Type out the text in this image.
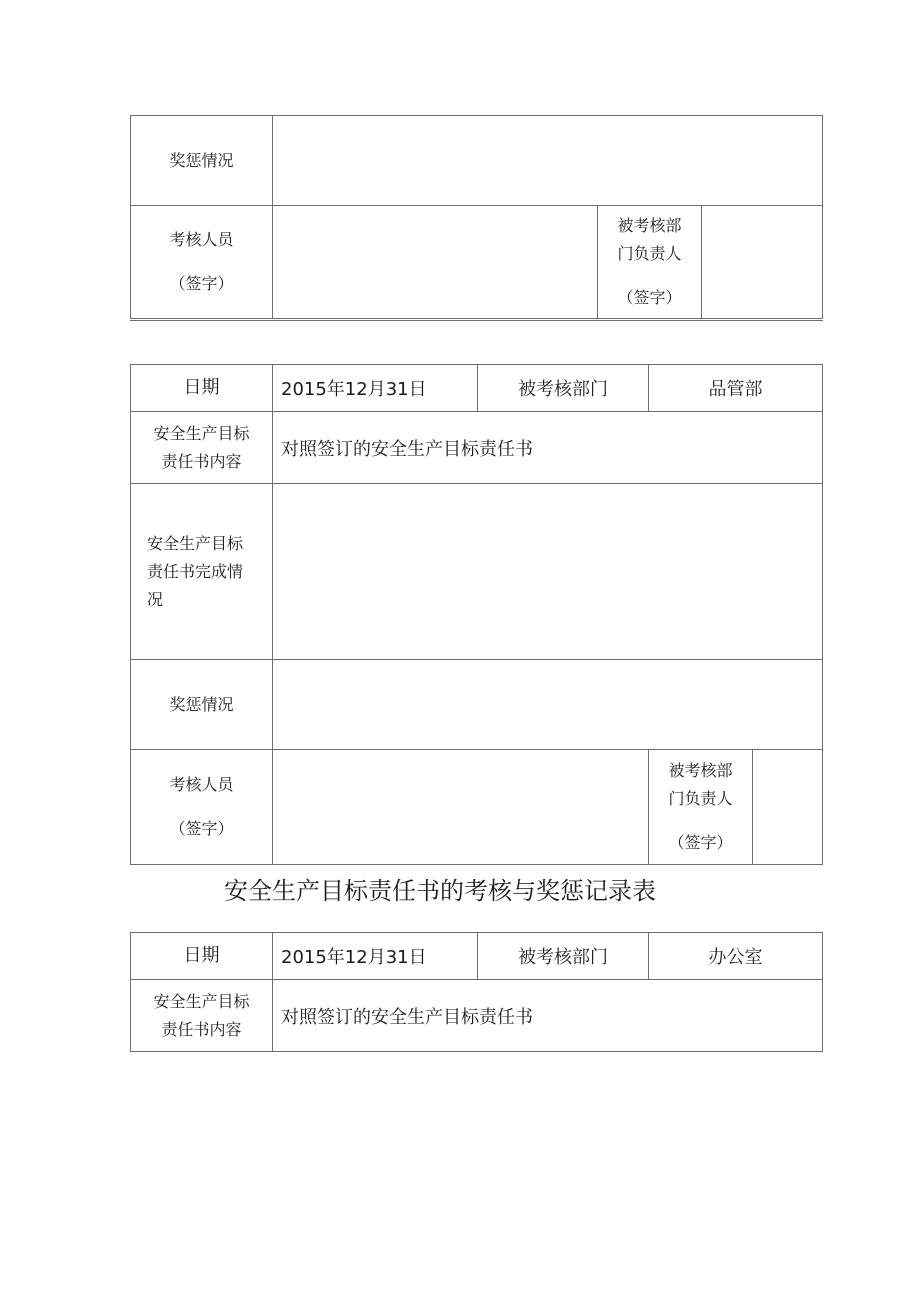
奖惩情况			

考核人员
（签字）		被考核部
门负责人
（签字）	

日期	2015年12月31日	被考核部门	品管部	

安全生产目标
责任书内容	对照签订的安全生产目标责任书			

安全生产目标
责任书完成情
况				

奖惩情况				

考核人员
（签字）			被考核部
门负责人
（签字）	

安全生产目标责任书的考核与奖惩记录表
日期	2015年12月31日	被考核部门	办公室

安全生产目标
责任书内容	对照签订的安全生产目标责任书		
